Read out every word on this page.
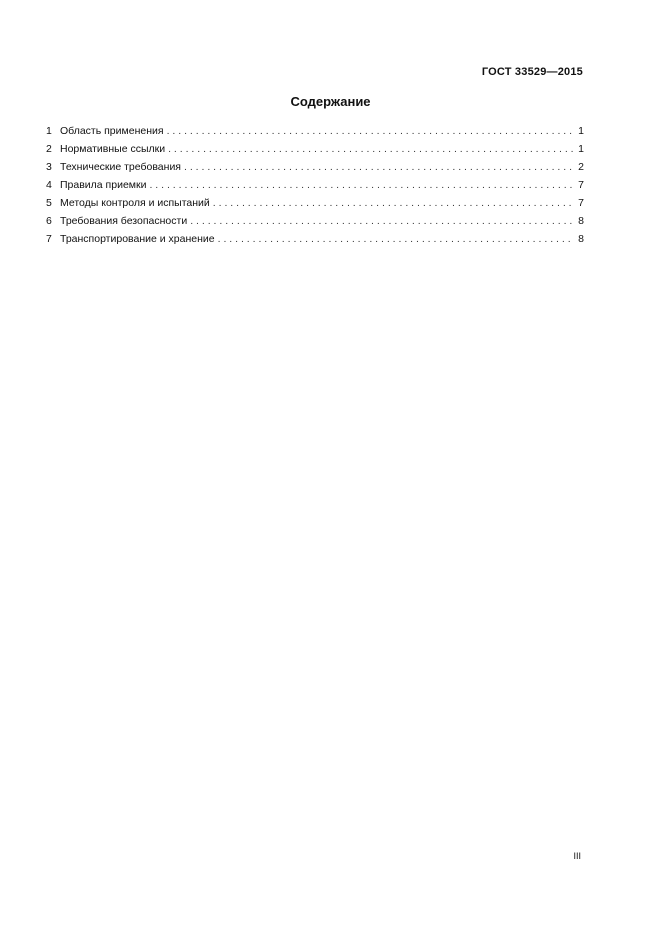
ГОСТ 33529—2015
Содержание
1 Область применения . . .	1
2 Нормативные ссылки . . .	1
3 Технические требования . . .	2
4 Правила приемки . . .	7
5 Методы контроля и испытаний . . .	7
6 Требования безопасности . . .	8
7 Транспортирование и хранение . . .	8
III
